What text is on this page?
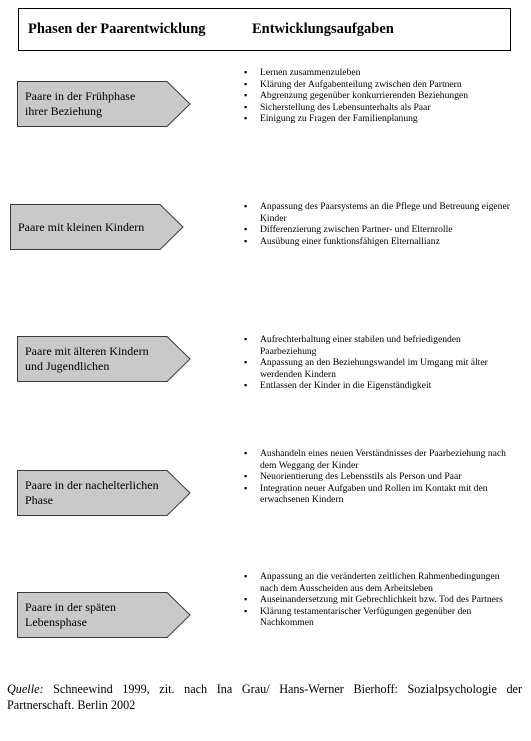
Phasen der Paarentwicklung	Entwicklungsaufgaben
Paare in der Frühphase ihrer Beziehung
▪ Lernen zusammenzuleben
▪ Klärung der Aufgabenteilung zwischen den Partnern
▪ Abgrenzung gegenüber konkurrierenden Beziehungen
▪ Sicherstellung des Lebensunterhalts als Paar
▪ Einigung zu Fragen der Familienplanung
Paare mit kleinen Kindern
▪ Anpassung des Paarsystems an die Pflege und Betreuung eigener Kinder
▪ Differenzierung zwischen Partner- und Elternrolle
▪ Ausübung einer funktionsfähigen Elternallianz
Paare mit älteren Kindern und Jugendlichen
▪ Aufrechterhaltung einer stabilen und befriedigenden Paarbeziehung
▪ Anpassung an den Beziehungswandel im Umgang mit älter werdenden Kindern
▪ Entlassen der Kinder in die Eigenständigkeit
Paare in der nachelterlichen Phase
▪ Aushandeln eines neuen Verständnisses der Paarbeziehung nach dem Weggang der Kinder
▪ Neuorientierung des Lebensstils als Person und Paar
▪ Integration neuer Aufgaben und Rollen im Kontakt mit den erwachsenen Kindern
Paare in der späten Lebensphase
▪ Anpassung an die veränderten zeitlichen Rahmenbedingungen nach dem Ausscheiden aus dem Arbeitsleben
▪ Auseinandersetzung mit Gebrechlichkeit bzw. Tod des Partners
▪ Klärung testamentarischer Verfügungen gegenüber den Nachkommen
Quelle: Schneewind 1999, zit. nach Ina Grau/ Hans-Werner Bierhoff: Sozialpsychologie der Partnerschaft. Berlin 2002
